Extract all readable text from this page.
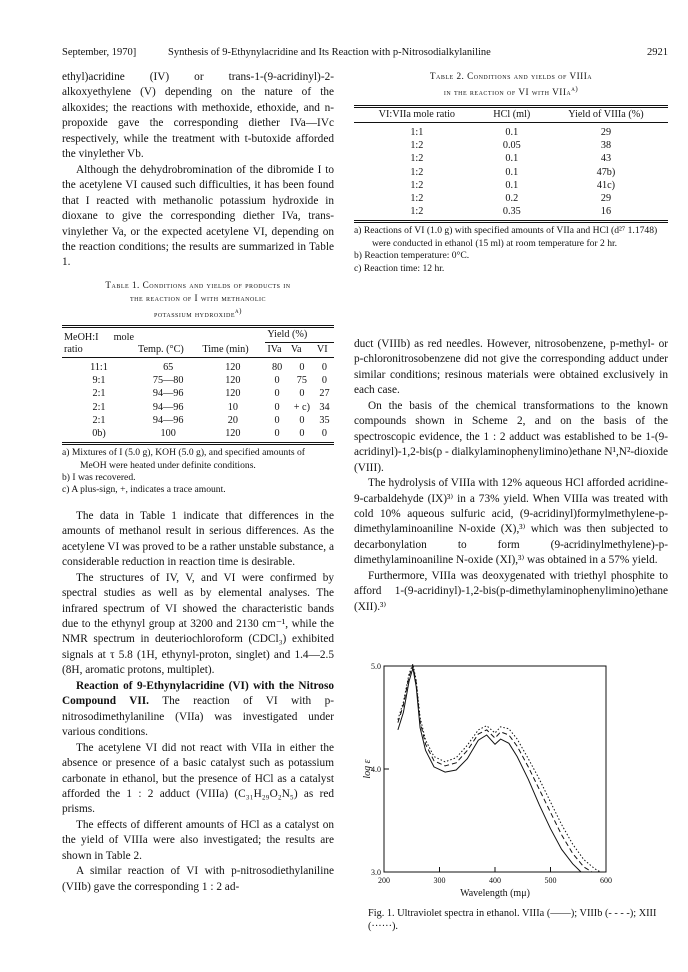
September, 1970]	Synthesis of 9-Ethynylacridine and Its Reaction with p-Nitrosodialkylaniline	2921

ethyl)acridine (IV) or trans-1-(9-acridinyl)-2-alkoxyethylene (V) depending on the nature of the alkoxides; the reactions with methoxide, ethoxide, and n-propoxide gave the corresponding diether IVa—IVc respectively, while the treatment with t-butoxide afforded the vinylether Vb.

Although the dehydrobromination of the dibromide I to the acetylene VI caused such difficulties, it has been found that I reacted with methanolic potassium hydroxide in dioxane to give the corresponding diether IVa, trans-vinylether Va, or the expected acetylene VI, depending on the reaction conditions; the results are summarized in Table 1.

Table 1. Conditions and yields of products in
the reaction of I with methanolic
potassium hydroxide$^{a)}$
MeOH:I mole ratio	Temp. (°C)	Time (min)	Yield (%)		
			IVa	Va	VI

11:1	65	120	80	0	0
9:1	75—80	120	0	75	0
2:1	94—96	120	0	0	27
2:1	94—96	10	0	+ c)	34
2:1	94—96	20	0	0	35
0b)	100	120	0	0	0
a) Mixtures of I (5.0 g), KOH (5.0 g), and specified amounts of MeOH were heated under definite conditions.
b) I was recovered.
c) A plus-sign, +, indicates a trace amount.

The data in Table 1 indicate that differences in the amounts of methanol result in serious differences. As the acetylene VI was proved to be a rather unstable substance, a considerable reduction in reaction time is desirable.

The structures of IV, V, and VI were confirmed by spectral studies as well as by elemental analyses. The infrared spectrum of VI showed the characteristic bands due to the ethynyl group at 3200 and 2130 cm⁻¹, while the NMR spectrum in deuteriochloroform (CDCl₃) exhibited signals at τ 5.8 (1H, ethynyl-proton, singlet) and 1.4—2.5 (8H, aromatic protons, multiplet).

Reaction of 9-Ethynylacridine (VI) with the Nitroso Compound VII. The reaction of VI with p-nitrosodimethylaniline (VIIa) was investigated under various conditions.

The acetylene VI did not react with VIIa in either the absence or presence of a basic catalyst such as potassium carbonate in ethanol, but the presence of HCl as a catalyst afforded the 1 : 2 adduct (VIIIa) (C₃₁H₂₉O₂N₅) as red prisms.

The effects of different amounts of HCl as a catalyst on the yield of VIIIa were also investigated; the results are shown in Table 2.

A similar reaction of VI with p-nitrosodiethylaniline (VIIb) gave the corresponding 1 : 2 ad-

Table 2. Conditions and yields of VIIIa
in the reaction of VI with VIIa$^{a)}$
VI:VIIa mole ratio	HCl (ml)	Yield of VIIIa (%)

1:1	0.1	29
1:2	0.05	38
1:2	0.1	43
1:2	0.1	47b)
1:2	0.1	41c)
1:2	0.2	29
1:2	0.35	16
a) Reactions of VI (1.0 g) with specified amounts of VIIa and HCl (d²⁷ 1.1748) were conducted in ethanol (15 ml) at room temperature for 2 hr.
b) Reaction temperature: 0°C.
c) Reaction time: 12 hr.

duct (VIIIb) as red needles. However, nitrosobenzene, p-methyl- or p-chloronitrosobenzene did not give the corresponding adduct under similar conditions; resinous materials were obtained exclusively in each case.

On the basis of the chemical transformations to the known compounds shown in Scheme 2, and on the basis of the spectroscopic evidence, the 1 : 2 adduct was established to be 1-(9-acridinyl)-1,2-bis(p - dialkylaminophenylimino)ethane N¹,N²-dioxide (VIII).

The hydrolysis of VIIIa with 12% aqueous HCl afforded acridine-9-carbaldehyde (IX)³⁾ in a 73% yield. When VIIIa was treated with cold 10% aqueous sulfuric acid, (9-acridinyl)formylmethylene-p-dimethylaminoaniline N-oxide (X),³⁾ which was then subjected to decarbonylation to form (9-acridinylmethylene)-p-dimethylaminoaniline N-oxide (XI),³⁾ was obtained in a 57% yield.

Furthermore, VIIIa was deoxygenated with triethyl phosphite to afford 1-(9-acridinyl)-1,2-bis(p-dimethylaminophenylimino)ethane (XII).³⁾

200	300	400	500	600
3.0
4.0
5.0
log ε
Wavelength (mμ)
Fig. 1. Ultraviolet spectra in ethanol. VIIIa (——); VIIIb (- - - -); XIII (······).
